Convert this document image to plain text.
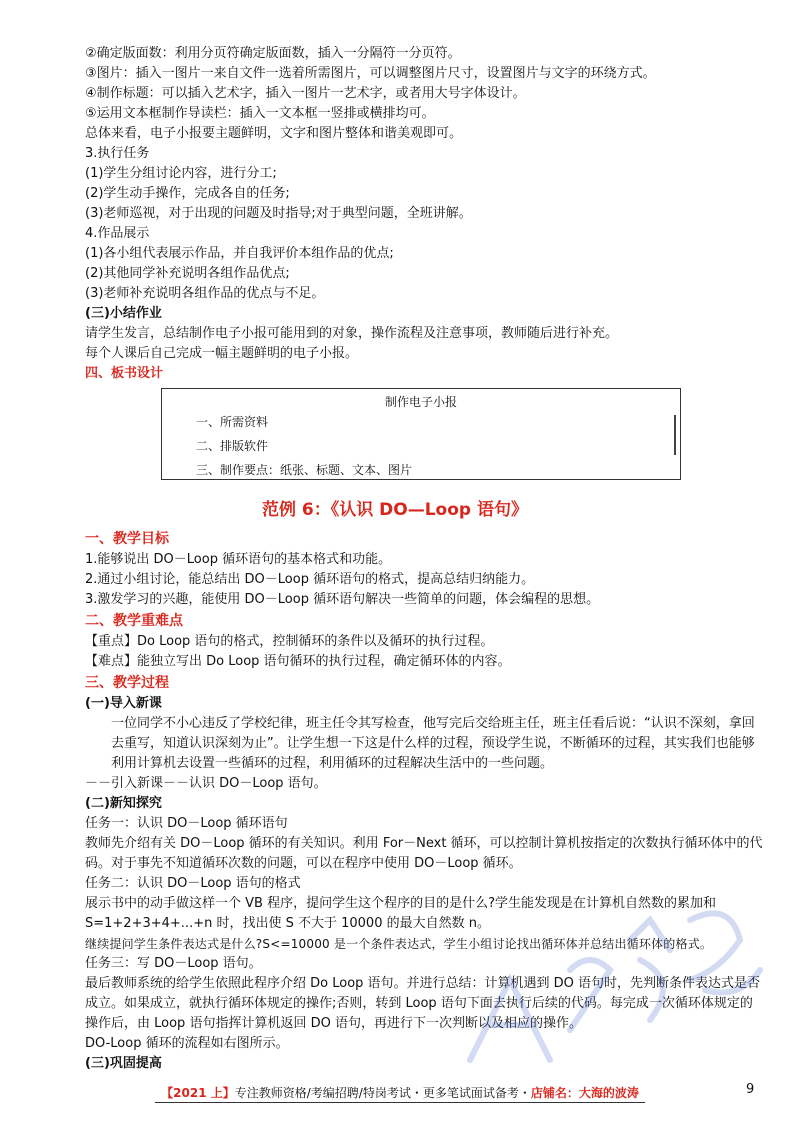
②确定版面数：利用分页符确定版面数，插入一分隔符一分页符。
③图片：插入一图片一来自文件一选着所需图片，可以调整图片尺寸，设置图片与文字的环绕方式。
④制作标题：可以插入艺术字，插入一图片一艺术字，或者用大号字体设计。
⑤运用文本框制作导读栏：插入一文本框一竖排或横排均可。
总体来看，电子小报要主题鲜明，文字和图片整体和谐美观即可。
3.执行任务
(1)学生分组讨论内容，进行分工;
(2)学生动手操作，完成各自的任务;
(3)老师巡视，对于出现的问题及时指导;对于典型问题，全班讲解。
4.作品展示
(1)各小组代表展示作品，并自我评价本组作品的优点;
(2)其他同学补充说明各组作品优点;
(3)老师补充说明各组作品的优点与不足。
(三)小结作业
请学生发言，总结制作电子小报可能用到的对象，操作流程及注意事项，教师随后进行补充。
每个人课后自己完成一幅主题鲜明的电子小报。
四、板书设计
制作电子小报
一、所需资料
二、排版软件
三、制作要点：纸张、标题、文本、图片
范例 6：《认识 DO—Loop 语句》
一、教学目标
1.能够说出 DO－Loop 循环语句的基本格式和功能。
2.通过小组讨论，能总结出 DO－Loop 循环语句的格式，提高总结归纳能力。
3.激发学习的兴趣，能使用 DO－Loop 循环语句解决一些简单的问题，体会编程的思想。
二、教学重难点
【重点】Do Loop 语句的格式，控制循环的条件以及循环的执行过程。
【难点】能独立写出 Do Loop 语句循环的执行过程，确定循环体的内容。
三、教学过程
(一)导入新课
一位同学不小心违反了学校纪律，班主任令其写检查，他写完后交给班主任，班主任看后说：“认识不深刻，拿回去重写，知道认识深刻为止”。让学生想一下这是什么样的过程，预设学生说，不断循环的过程，其实我们也能够利用计算机去设置一些循环的过程，利用循环的过程解决生活中的一些问题。
－－引入新课－－认识 DO－Loop 语句。
(二)新知探究
任务一：认识 DO－Loop 循环语句
教师先介绍有关 DO－Loop 循环的有关知识。利用 For－Next 循环，可以控制计算机按指定的次数执行循环体中的代码。对于事先不知道循环次数的问题，可以在程序中使用 DO－Loop 循环。
任务二：认识 DO－Loop 语句的格式
展示书中的动手做这样一个 VB 程序，提问学生这个程序的目的是什么?学生能发现是在计算机自然数的累加和 S=1+2+3+4+...+n 时，找出使 S 不大于 10000 的最大自然数 n。
继续提问学生条件表达式是什么?S<=10000 是一个条件表达式，学生小组讨论找出循环体并总结出循环体的格式。
任务三：写 DO－Loop 语句。
最后教师系统的给学生依照此程序介绍 Do Loop 语句。并进行总结：计算机遇到 DO 语句时，先判断条件表达式是否成立。如果成立，就执行循环体规定的操作;否则，转到 Loop 语句下面去执行后续的代码。每完成一次循环体规定的操作后，由 Loop 语句指挥计算机返回 DO 语句，再进行下一次判断以及相应的操作。
DO-Loop 循环的流程如右图所示。
(三)巩固提高
【2021 上】专注教师资格/考编招聘/特岗考试・更多笔试面试备考・店铺名：大海的波涛	9
